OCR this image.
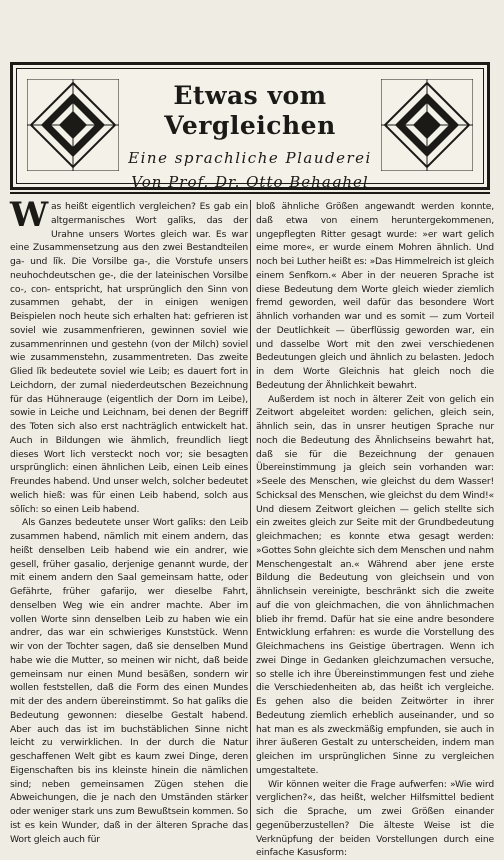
Etwas vom Vergleichen
Eine sprachliche Plauderei
Von Prof. Dr. Otto Behaghel

Was heißt eigentlich vergleichen? Es gab ein altgermanisches Wort galīks, das der Urahne unsers Wortes gleich war. Es war eine Zusammensetzung aus den zwei Bestandteilen ga- und līk. Die Vorsilbe ga-, die Vorstufe unsers neuhochdeutschen ge-, die der lateinischen Vorsilbe co-, con- entspricht, hat ursprünglich den Sinn von zusammen gehabt, der in einigen wenigen Beispielen noch heute sich erhalten hat: gefrieren ist soviel wie zusammenfrieren, gewinnen soviel wie zusammenrinnen und gestehn (von der Milch) soviel wie zusammenstehn, zusammentreten. Das zweite Glied līk bedeutete soviel wie Leib; es dauert fort in Leichdorn, der zumal niederdeutschen Bezeichnung für das Hühnerauge (eigentlich der Dorn im Leibe), sowie in Leiche und Leichnam, bei denen der Begriff des Toten sich also erst nachträglich entwickelt hat. Auch in Bildungen wie ähmlich, freundlich liegt dieses Wort lich versteckt noch vor; sie besagten ursprünglich: einen ähnlichen Leib, einen Leib eines Freundes habend. Und unser welch, solcher bedeutet welich hieß: was für einen Leib habend, solch aus sōlīch: so einen Leib habend.

Als Ganzes bedeutete unser Wort galīks: den Leib zusammen habend, nämlich mit einem andern, das heißt denselben Leib habend wie ein andrer, wie gesell, früher gasalio, derjenige genannt wurde, der mit einem andern den Saal gemeinsam hatte, oder Gefährte, früher gafarijo, wer dieselbe Fahrt, denselben Weg wie ein andrer machte. Aber im vollen Worte sinn denselben Leib zu haben wie ein andrer, das war ein schwieriges Kunststück. Wenn wir von der Tochter sagen, daß sie denselben Mund habe wie die Mutter, so meinen wir nicht, daß beide gemeinsam nur einen Mund besäßen, sondern wir wollen feststellen, daß die Form des einen Mundes mit der des andern übereinstimmt. So hat galīks die Bedeutung gewonnen: dieselbe Gestalt habend. Aber auch das ist im buchstäblichen Sinne nicht leicht zu verwirklichen. In der durch die Natur geschaffenen Welt gibt es kaum zwei Dinge, deren Eigenschaften bis ins kleinste hinein die nämlichen sind; neben gemeinsamen Zügen stehen die Abweichungen, die je nach den Umständen stärker oder weniger stark uns zum Bewußtsein kommen. So ist es kein Wunder, daß in der älteren Sprache das Wort gleich auch für

bloß ähnliche Größen angewandt werden konnte, daß etwa von einem heruntergekommenen, ungepflegten Ritter gesagt wurde: »er wart gelich eime more«, er wurde einem Mohren ähnlich. Und noch bei Luther heißt es: »Das Himmelreich ist gleich einem Senfkorn.« Aber in der neueren Sprache ist diese Bedeutung dem Worte gleich wieder ziemlich fremd geworden, weil dafür das besondere Wort ähnlich vorhanden war und es somit — zum Vorteil der Deutlichkeit — überflüssig geworden war, ein und dasselbe Wort mit den zwei verschiedenen Bedeutungen gleich und ähnlich zu belasten. Jedoch in dem Worte Gleichnis hat gleich noch die Bedeutung der Ähnlichkeit bewahrt.

Außerdem ist noch in älterer Zeit von gelich ein Zeitwort abgeleitet worden: gelichen, gleich sein, ähnlich sein, das in unsrer heutigen Sprache nur noch die Bedeutung des Ähnlichseins bewahrt hat, daß sie für die Bezeichnung der genauen Übereinstimmung ja gleich sein vorhanden war: »Seele des Menschen, wie gleichst du dem Wasser! Schicksal des Menschen, wie gleichst du dem Wind!« Und diesem Zeitwort gleichen — gelich stellte sich ein zweites gleich zur Seite mit der Grundbedeutung gleichmachen; es konnte etwa gesagt werden: »Gottes Sohn gleichte sich dem Menschen und nahm Menschengestalt an.« Während aber jene erste Bildung die Bedeutung von gleichsein und von ähnlichsein vereinigte, beschränkt sich die zweite auf die von gleichmachen, die von ähnlichmachen blieb ihr fremd. Dafür hat sie eine andre besondere Entwicklung erfahren: es wurde die Vorstellung des Gleichmachens ins Geistige übertragen. Wenn ich zwei Dinge in Gedanken gleichzumachen versuche, so stelle ich ihre Übereinstimmungen fest und ziehe die Verschiedenheiten ab, das heißt ich vergleiche. Es gehen also die beiden Zeitwörter in ihrer Bedeutung ziemlich erheblich auseinander, und so hat man es als zweckmäßig empfunden, sie auch in ihrer äußeren Gestalt zu unterscheiden, indem man gleichen im ursprünglichen Sinne zu vergleichen umgestaltete.

Wir können weiter die Frage aufwerfen: »Wie wird verglichen?«, das heißt, welcher Hilfsmittel bedient sich die Sprache, um zwei Größen einander gegenüberzustellen? Die älteste Weise ist die Verknüpfung der beiden Vorstellungen durch eine einfache Kasusform:
